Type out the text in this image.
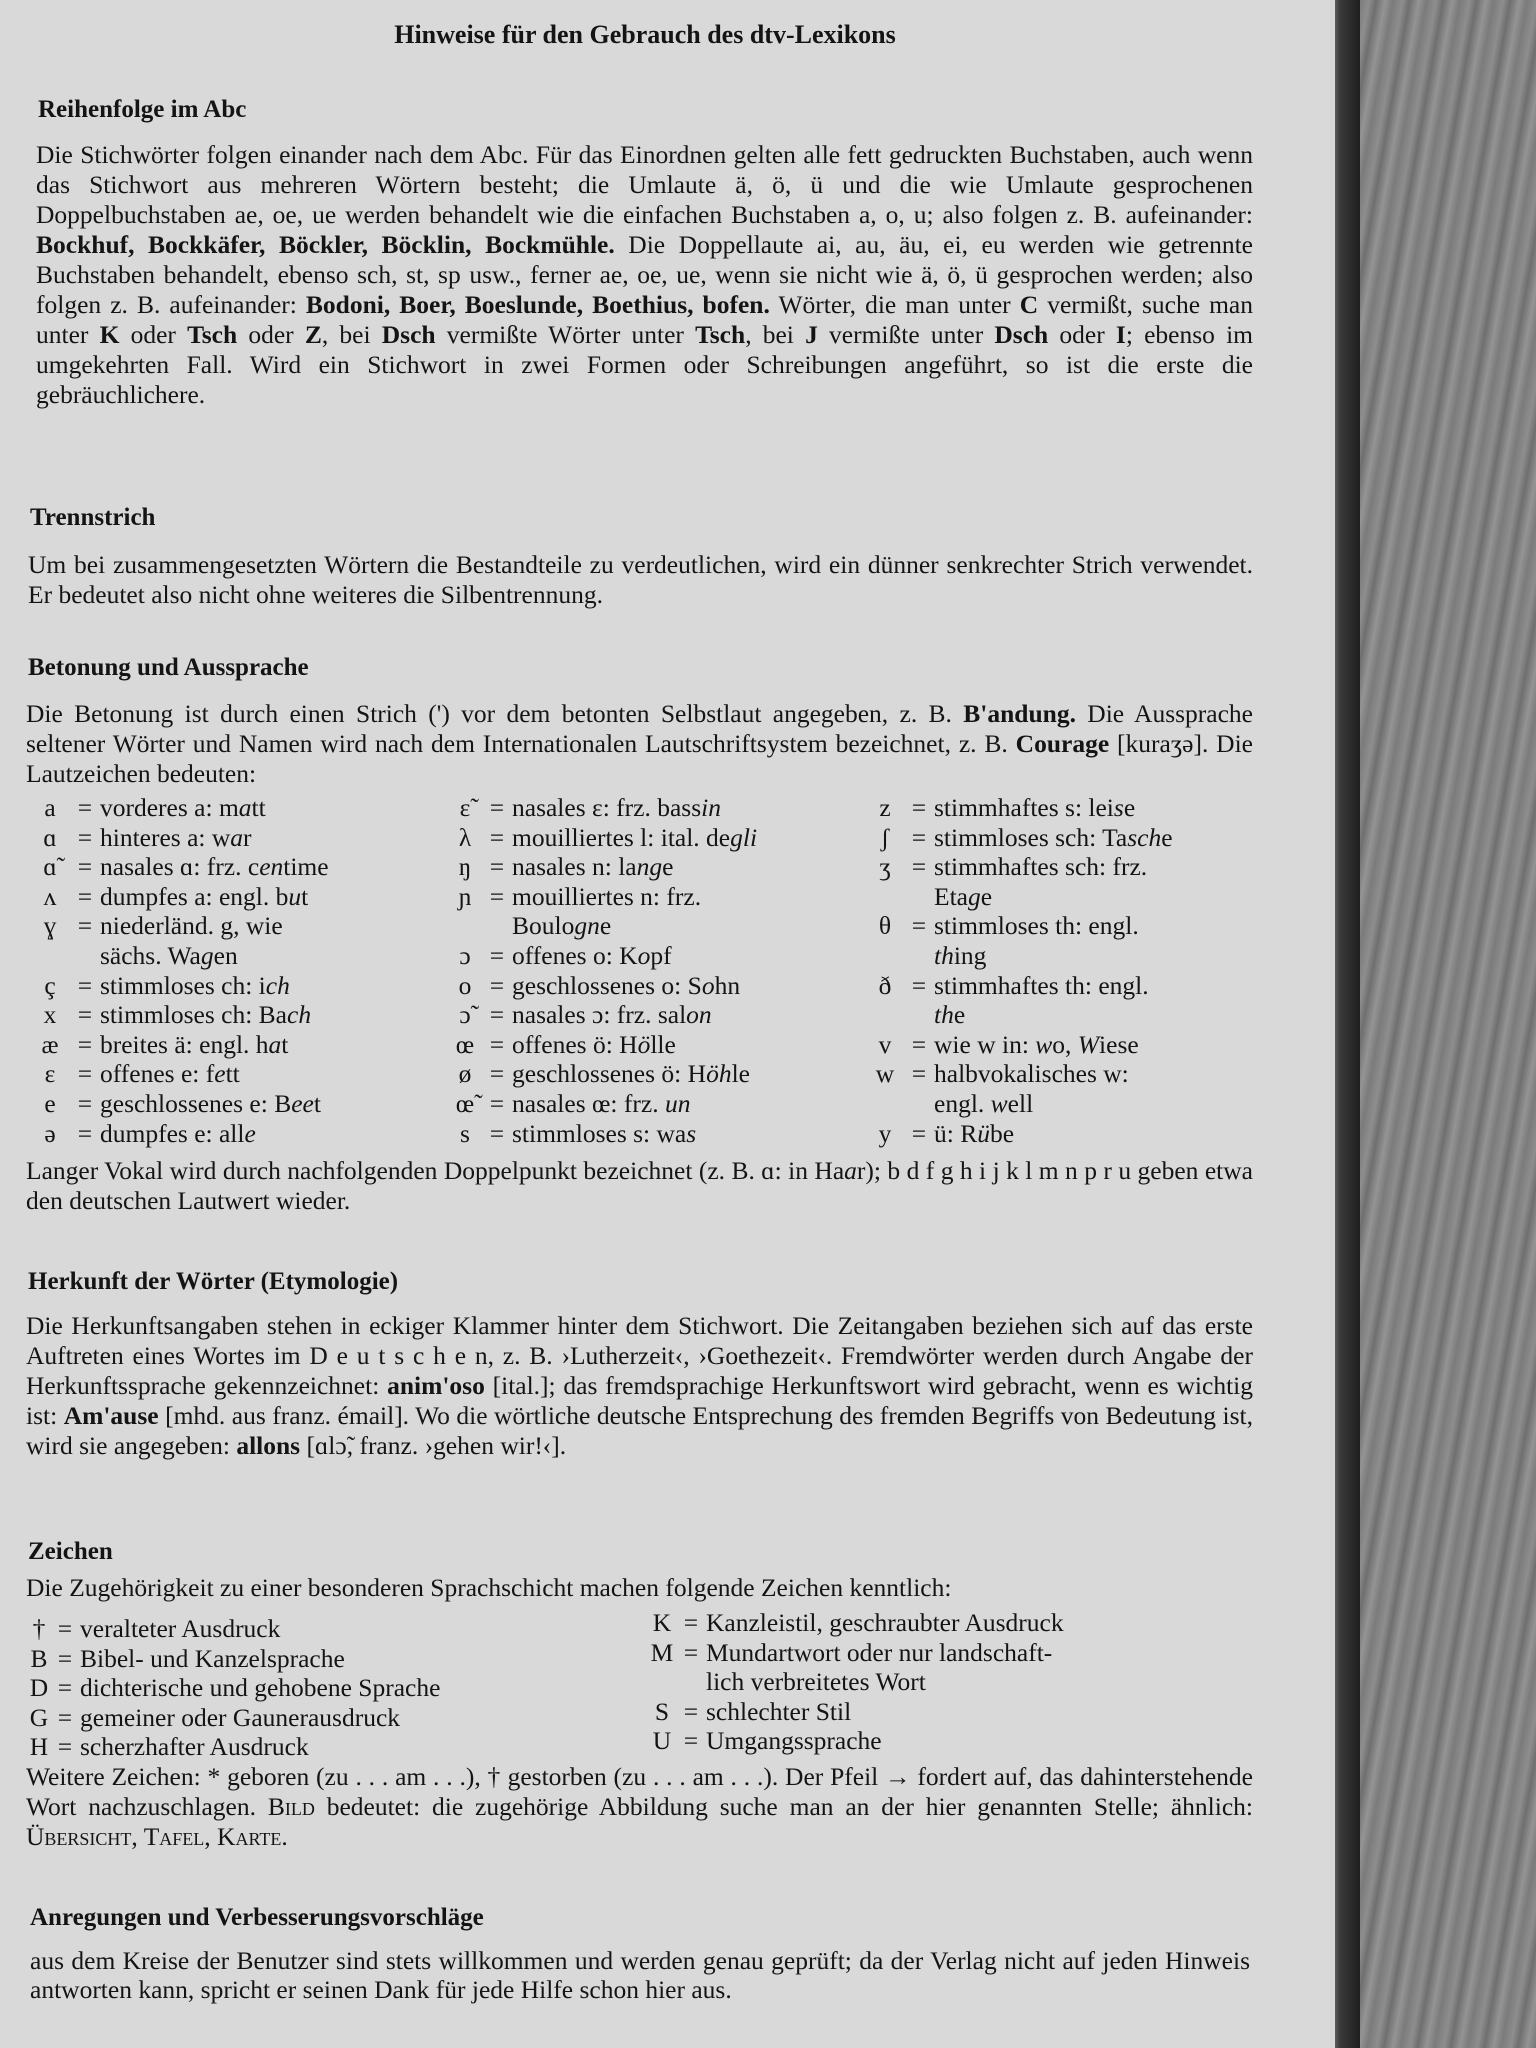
Hinweise für den Gebrauch des dtv-Lexikons
Reihenfolge im Abc
Die Stichwörter folgen einander nach dem Abc. Für das Einordnen gelten alle fett gedruckten Buchstaben, auch wenn das Stichwort aus mehreren Wörtern besteht; die Umlaute ä, ö, ü und die wie Umlaute gesprochenen Doppelbuchstaben ae, oe, ue werden behandelt wie die einfachen Buchstaben a, o, u; also folgen z. B. aufeinander: Bockhuf, Bockkäfer, Böckler, Böcklin, Bockmühle. Die Doppellaute ai, au, äu, ei, eu werden wie getrennte Buchstaben behandelt, ebenso sch, st, sp usw., ferner ae, oe, ue, wenn sie nicht wie ä, ö, ü gesprochen werden; also folgen z. B. aufeinander: Bodoni, Boer, Boeslunde, Boethius, bofen. Wörter, die man unter C vermißt, suche man unter K oder Tsch oder Z, bei Dsch vermißte Wörter unter Tsch, bei J vermißte unter Dsch oder I; ebenso im umgekehrten Fall. Wird ein Stichwort in zwei Formen oder Schreibungen angeführt, so ist die erste die gebräuchlichere.
Trennstrich
Um bei zusammengesetzten Wörtern die Bestandteile zu verdeutlichen, wird ein dünner senkrechter Strich verwendet. Er bedeutet also nicht ohne weiteres die Silbentrennung.
Betonung und Aussprache
Die Betonung ist durch einen Strich (') vor dem betonten Selbstlaut angegeben, z. B. B'andung. Die Aussprache seltener Wörter und Namen wird nach dem Internationalen Lautschriftsystem bezeichnet, z. B. Courage [kuraʒə]. Die Lautzeichen bedeuten:
a = vorderes a: matt
ɑ = hinteres a: war
ɑ̃ = nasales ɑ: frz. centime
ʌ = dumpfes a: engl. but
ɣ = niederländ. g, wie
sächs. Wagen
ç = stimmloses ch: ich
x = stimmloses ch: Bach
æ = breites ä: engl. hat
ɛ = offenes e: fett
e = geschlossenes e: Beet
ə = dumpfes e: alle
ɛ̃ = nasales ɛ: frz. bassin
λ = mouilliertes l: ital. degli
ŋ = nasales n: lange
ɲ = mouilliertes n: frz.
Boulogne
ɔ = offenes o: Kopf
o = geschlossenes o: Sohn
ɔ̃ = nasales ɔ: frz. salon
œ = offenes ö: Hölle
ø = geschlossenes ö: Höhle
œ̃ = nasales œ: frz. un
s = stimmloses s: was
z = stimmhaftes s: leise
ʃ = stimmloses sch: Tasche
ʒ = stimmhaftes sch: frz.
Etage
θ = stimmloses th: engl.
thing
ð = stimmhaftes th: engl.
the
v = wie w in: wo, Wiese
w = halbvokalisches w:
engl. well
y = ü: Rübe
Langer Vokal wird durch nachfolgenden Doppelpunkt bezeichnet (z. B. ɑ: in Haar); b d f g h i j k l m n p r u geben etwa den deutschen Lautwert wieder.
Herkunft der Wörter (Etymologie)
Die Herkunftsangaben stehen in eckiger Klammer hinter dem Stichwort. Die Zeitangaben beziehen sich auf das erste Auftreten eines Wortes im D e u t s c h e n, z. B. ›Lutherzeit‹, ›Goethezeit‹. Fremdwörter werden durch Angabe der Herkunftssprache gekennzeichnet: anim'oso [ital.]; das fremdsprachige Herkunftswort wird gebracht, wenn es wichtig ist: Am'ause [mhd. aus franz. émail]. Wo die wörtliche deutsche Entsprechung des fremden Begriffs von Bedeutung ist, wird sie angegeben: allons [ɑlɔ̃, franz. ›gehen wir!‹].
Zeichen
Die Zugehörigkeit zu einer besonderen Sprachschicht machen folgende Zeichen kenntlich:
† = veralteter Ausdruck
B = Bibel- und Kanzelsprache
D = dichterische und gehobene Sprache
G = gemeiner oder Gaunerausdruck
H = scherzhafter Ausdruck
K = Kanzleistil, geschraubter Ausdruck
M = Mundartwort oder nur landschaft-
lich verbreitetes Wort
S = schlechter Stil
U = Umgangssprache
Weitere Zeichen: * geboren (zu . . . am . . .), † gestorben (zu . . . am . . .). Der Pfeil → fordert auf, das dahinterstehende Wort nachzuschlagen. Bild bedeutet: die zugehörige Abbildung suche man an der hier genannten Stelle; ähnlich: Übersicht, Tafel, Karte.
Anregungen und Verbesserungsvorschläge
aus dem Kreise der Benutzer sind stets willkommen und werden genau geprüft; da der Verlag nicht auf jeden Hinweis antworten kann, spricht er seinen Dank für jede Hilfe schon hier aus.
